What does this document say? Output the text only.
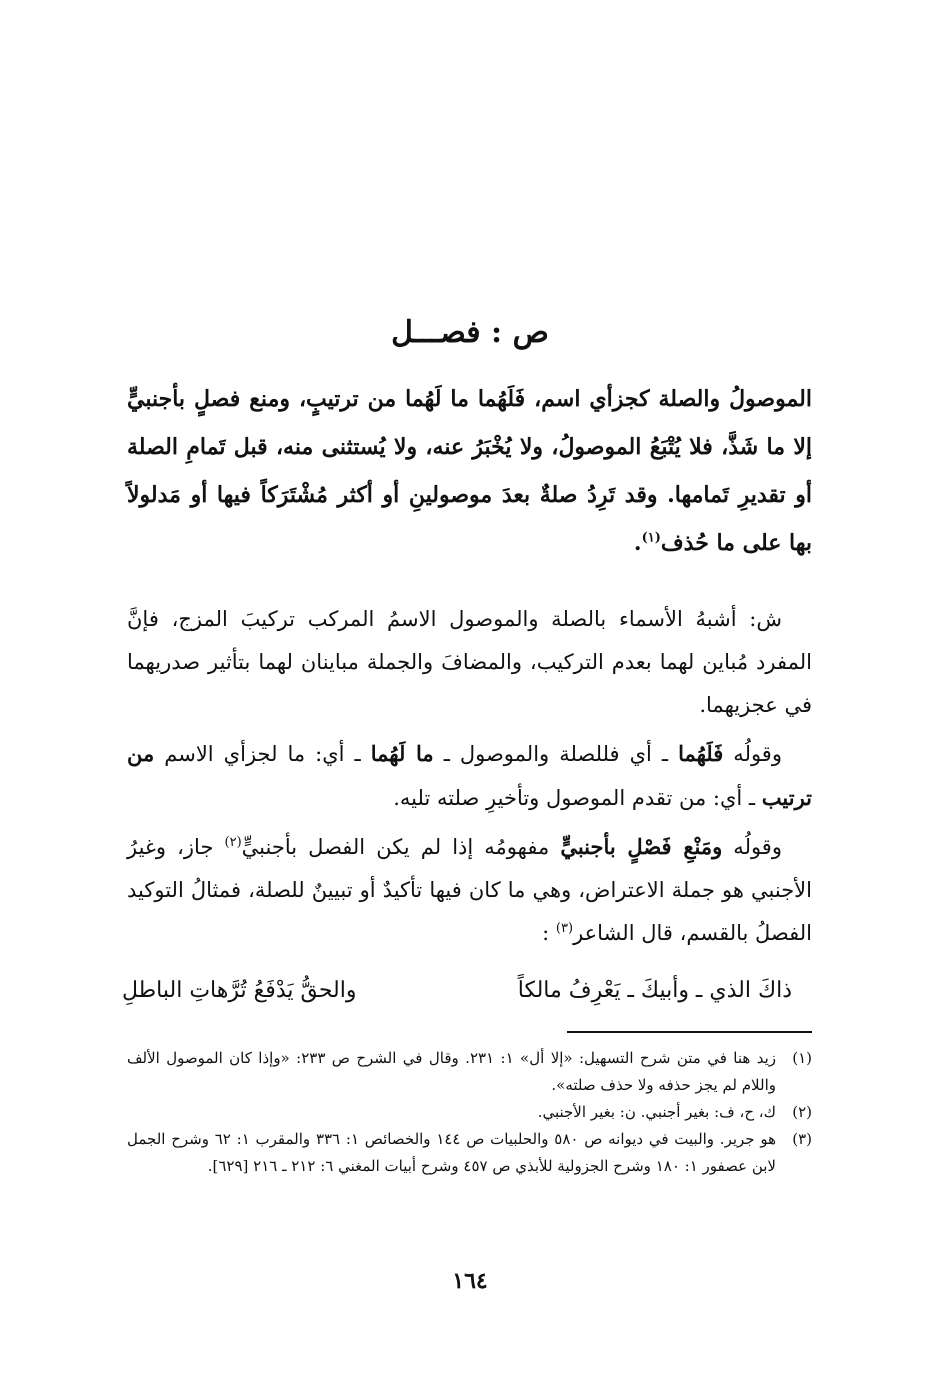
ص : فصـــل
الموصولُ والصلة كجزأي اسم، فَلَهُما ما لَهُما من ترتيبٍ، ومنع فصلٍ بأجنبيٍّ إلا ما شَذَّ، فلا يُتْبَعُ الموصولُ، ولا يُخْبَرُ عنه، ولا يُستثنى منه، قبل تَمامِ الصلة أو تقديرِ تَمامها. وقد تَرِدُ صلةٌ بعدَ موصولينِ أو أكثر مُشْتَرَكاً فيها أو مَدلولاً بها على ما حُذف$^{(١)}$.

ش: أشبهُ الأسماء بالصلة والموصول الاسمُ المركب تركيبَ المزج، فإنَّ المفرد مُباين لهما بعدم التركيب، والمضافَ والجملة مباينان لهما بتأثير صدريهما في عجزيهما.

وقولُه فَلَهُما ـ أي فللصلة والموصول ـ ما لَهُما ـ أي: ما لجزأي الاسم من ترتيب ـ أي: من تقدم الموصول وتأخيرِ صلته تليه.

وقولُه ومَنْعِ فَصْلٍ بأجنبيٍّ مفهومُه إذا لم يكن الفصل بأجنبيٍّ$^{(٢)}$ جاز، وغيرُ الأجنبي هو جملة الاعتراض، وهي ما كان فيها تأكيدٌ أو تبيينٌ للصلة، فمثالُ التوكيد الفصلُ بالقسم، قال الشاعر$^{(٣)}$ :

ذاكَ الذي ـ وأبيكَ ـ يَعْرِفُ مالكاً
والحقُّ يَدْفَعُ تُرَّهاتِ الباطلِ
(١)
زيد هنا في متن شرح التسهيل: «إلا أل» ١: ٢٣١. وقال في الشرح ص ٢٣٣: «وإذا كان الموصول الألف واللام لم يجز حذفه ولا حذف صلته».
(٢)
ك، ح، ف: بغير أجنبي. ن: بغير الأجنبي.
(٣)
هو جرير. والبيت في ديوانه ص ٥٨٠ والحلبيات ص ١٤٤ والخصائص ١: ٣٣٦ والمقرب ١: ٦٢ وشرح الجمل لابن عصفور ١: ١٨٠ وشرح الجزولية للأبذي ص ٤٥٧ وشرح أبيات المغني ٦: ٢١٢ ـ ٢١٦ [٦٢٩].
١٦٤
